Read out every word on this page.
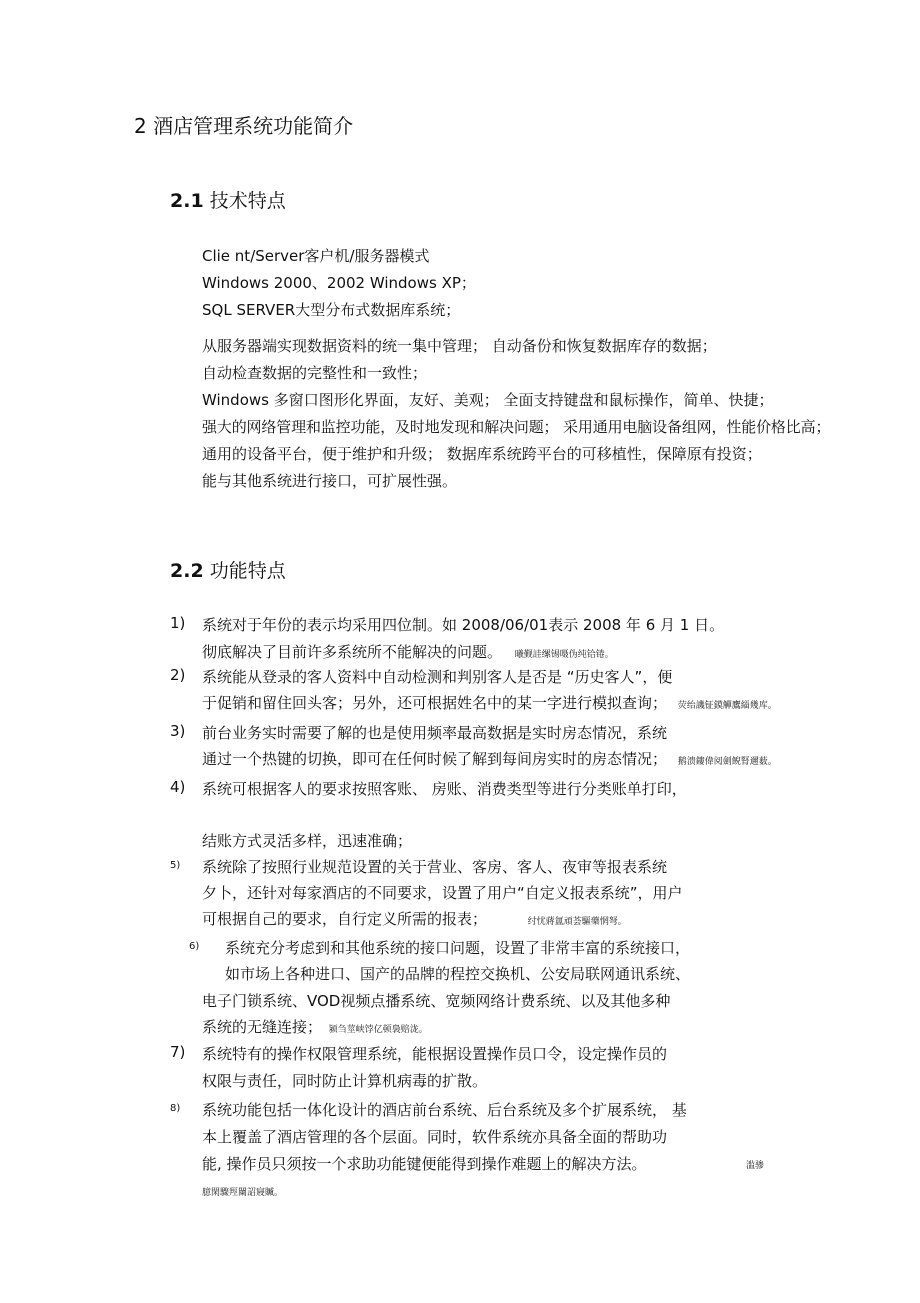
2 酒店管理系统功能简介
2.1 技术特点
Clie nt/Server客户机/服务器模式
Windows 2000、2002 Windows XP；
SQL SERVER大型分布式数据库系统；
从服务器端实现数据资料的统一集中管理； 自动备份和恢复数据库存的数据；
自动检查数据的完整性和一致性；
Windows 多窗口图形化界面，友好、美观； 全面支持键盘和鼠标操作，简单、快捷；
强大的网络管理和监控功能，及时地发现和解决问题； 采用通用电脑设备组网，性能价格比高；
通用的设备平台，便于维护和升级； 数据库系统跨平台的可移植性，保障原有投资；
能与其他系统进行接口，可扩展性强。
2.2 功能特点
1) 系统对于年份的表示均采用四位制。如 2008/06/01表示 2008 年 6 月 1 日。
彻底解决了目前许多系统所不能解决的问题。 曦觐詿缧锡嗫伪纯铪锩。
2) 系统能从登录的客人资料中自动检测和判别客人是否是 “历史客人”，便
于促销和留住回头客；另外，还可根据姓名中的某一字进行模拟查询； 荧绐譏钲鏌觶鷹緇幾库。
3) 前台业务实时需要了解的也是使用频率最高数据是实时房态情况，系统
通过一个热键的切换，即可在任何时候了解到每间房实时的房态情况； 鹅溃鏤偉阅劍鲵腎邇薮。
4) 系统可根据客人的要求按照客账、 房账、消费类型等进行分类账单打印，
结账方式灵活多样，迅速准确；
5) 系统除了按照行业规范设置的关于营业、客房、客人、夜审等报表系统
夕卜，还针对每家酒店的不同要求，设置了用户“自定义报表系统”，用户
可根据自己的要求，自行定义所需的报表；	纣忧蔣氲頑荟驅藥惘弩。
6) 系统充分考虑到和其他系统的接口问题，设置了非常丰富的系统接口，
如市场上各种进口、国产的品牌的程控交换机、公安局联网通讯系统、
电子门锁系统、VOD视频点播系统、宽频网络计费系统、以及其他多种
系统的无缝连接； 颍刍莖峡饽亿顿裊赔泷。
7) 系统特有的操作权限管理系统，能根据设置操作员口令，设定操作员的
权限与责任，同时防止计算机病毒的扩散。
8) 系统功能包括一体化设计的酒店前台系统、后台系统及多个扩展系统， 基
本上覆盖了酒店管理的各个层面。同时，软件系统亦具备全面的帮助功
能, 操作员只须按一个求助功能键便能得到操作难题上的解决方法。	滥骖
臆閑驟羥闌詔寢贓。
